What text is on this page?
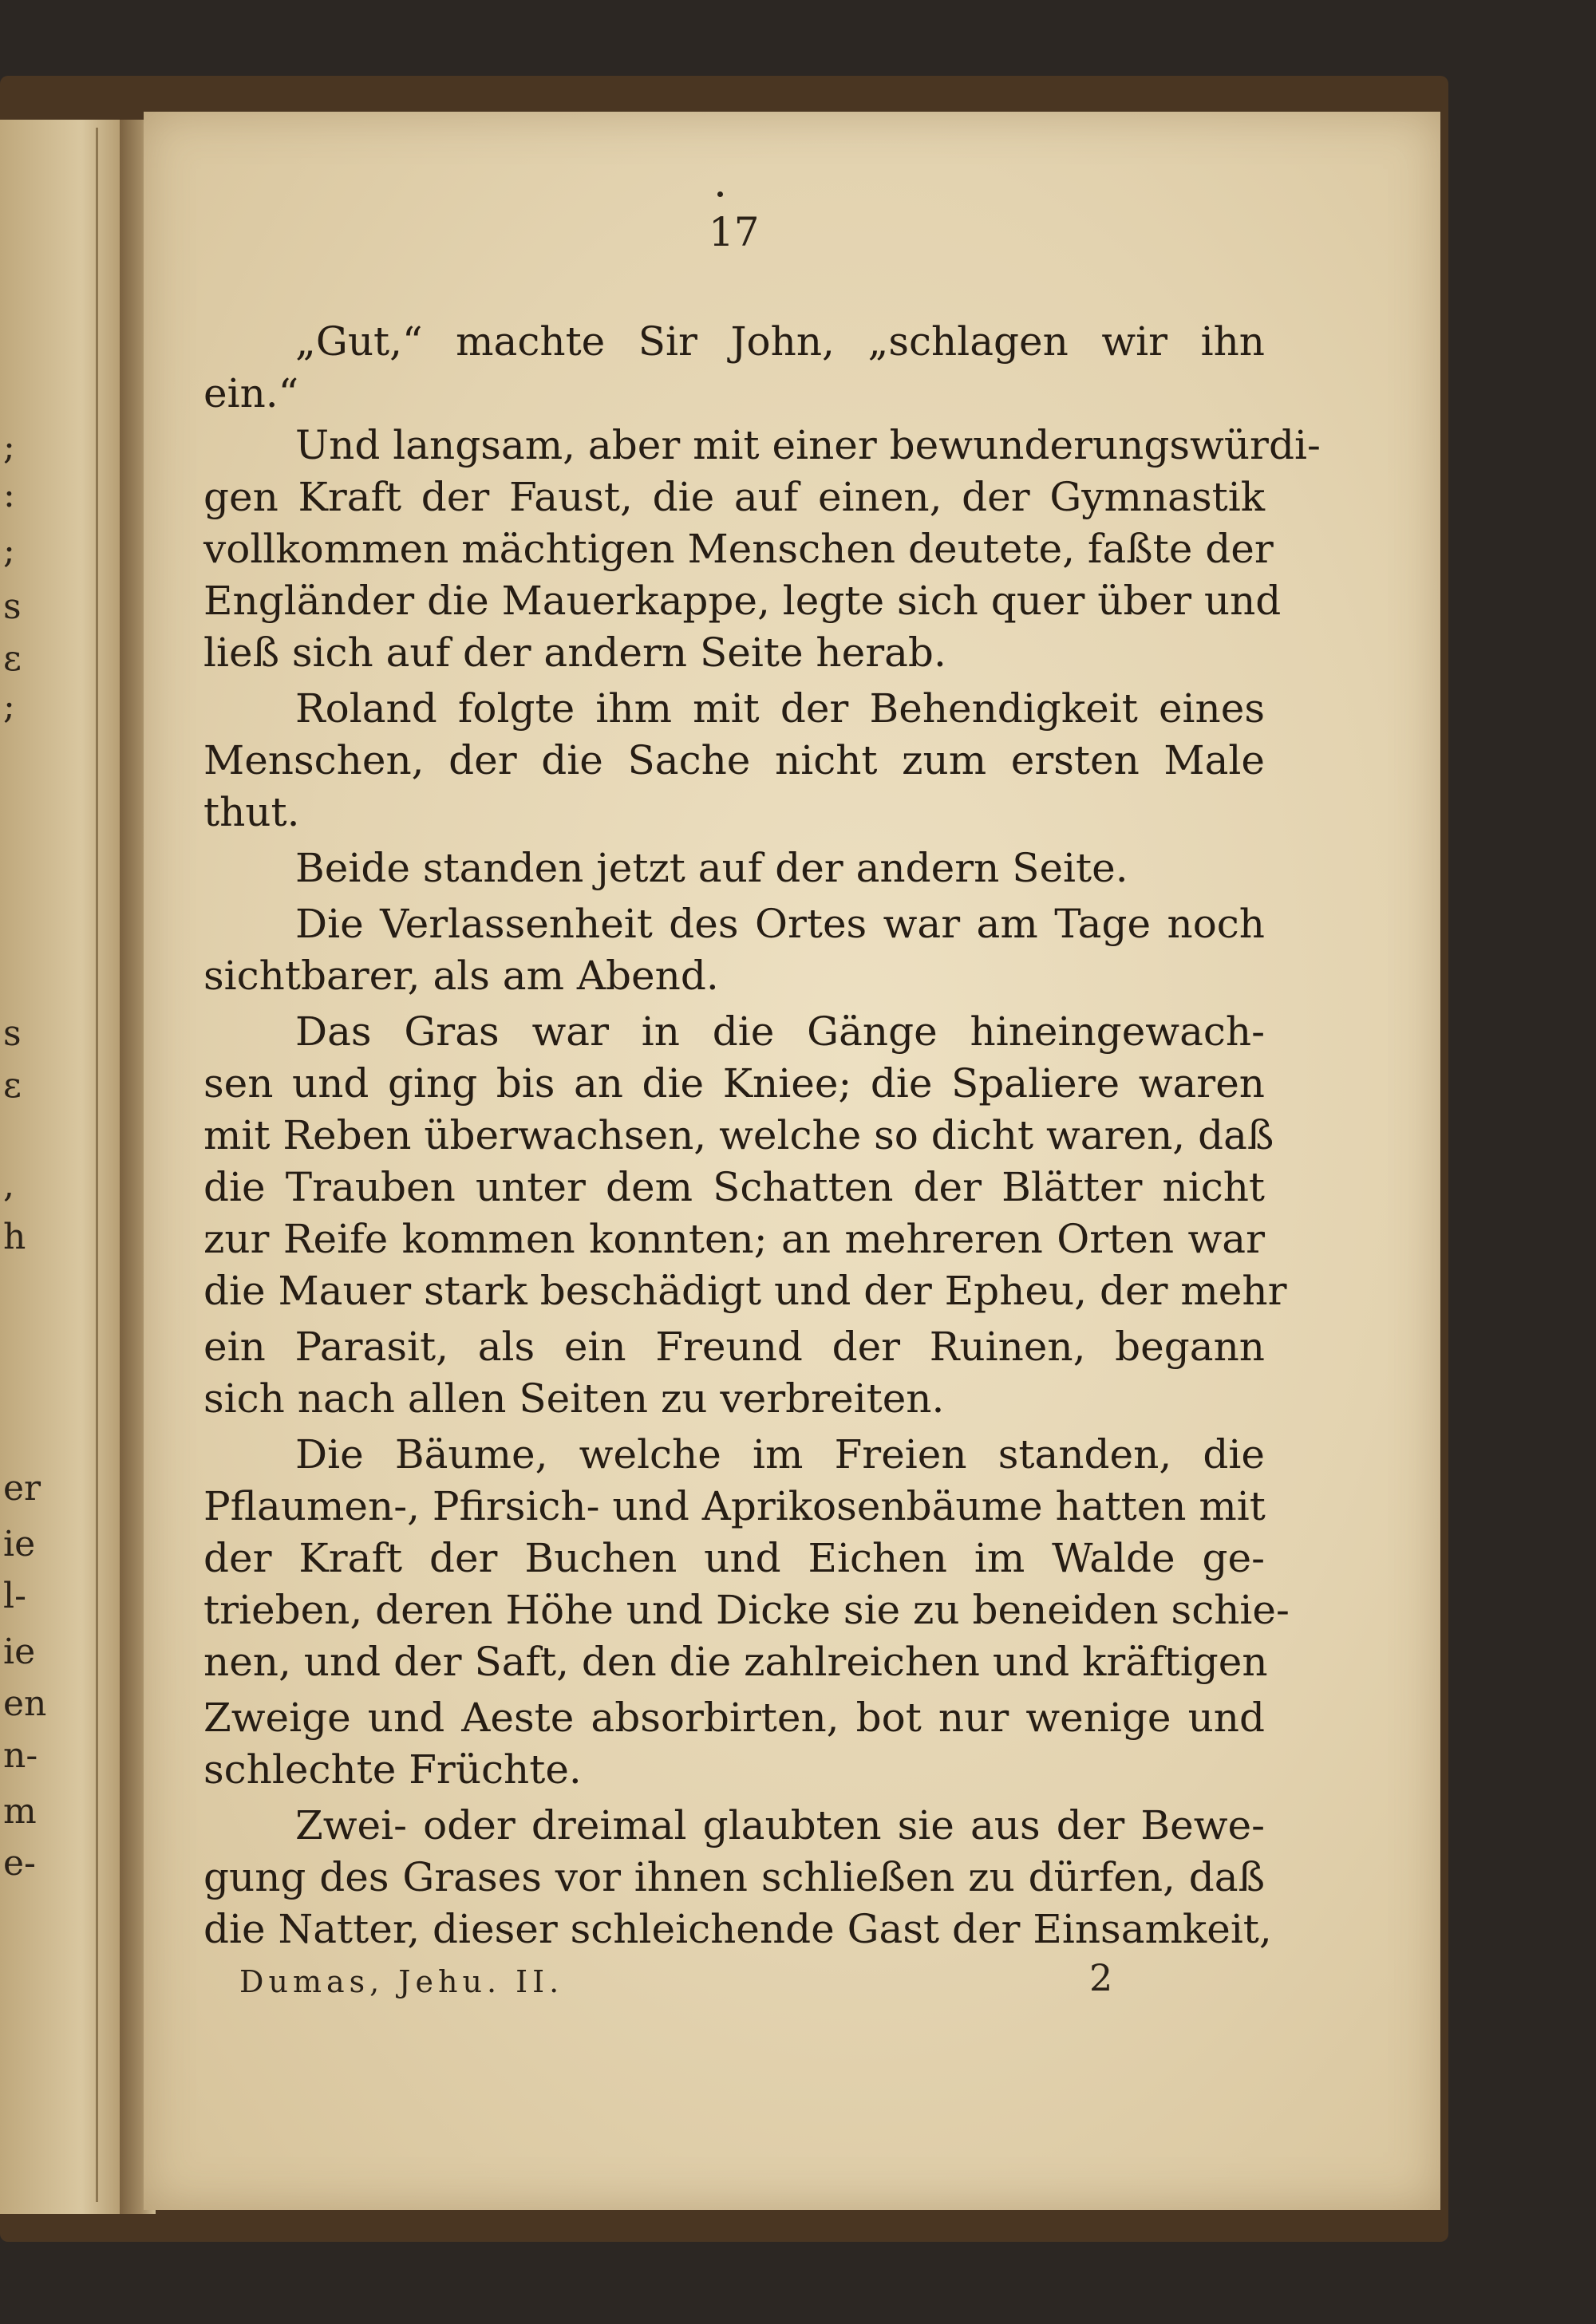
;
:
;
s
ɛ
;
s
ɛ
,
h
er
ie
l-
ie
en
n-
m
e-
17
„Gut,“ machte Sir John, „schlagen wir ihn
ein.“
Und langsam, aber mit einer bewunderungswürdi-
gen Kraft der Faust, die auf einen, der Gymnastik
vollkommen mächtigen Menschen deutete, faßte der
Engländer die Mauerkappe, legte sich quer über und
ließ sich auf der andern Seite herab.
Roland folgte ihm mit der Behendigkeit eines
Menschen, der die Sache nicht zum ersten Male
thut.
Beide standen jetzt auf der andern Seite.
Die Verlassenheit des Ortes war am Tage noch
sichtbarer, als am Abend.
Das Gras war in die Gänge hineingewach-
sen und ging bis an die Kniee; die Spaliere waren
mit Reben überwachsen, welche so dicht waren, daß
die Trauben unter dem Schatten der Blätter nicht
zur Reife kommen konnten; an mehreren Orten war
die Mauer stark beschädigt und der Epheu, der mehr
ein Parasit, als ein Freund der Ruinen, begann
sich nach allen Seiten zu verbreiten.
Die Bäume, welche im Freien standen, die
Pflaumen-, Pfirsich- und Aprikosenbäume hatten mit
der Kraft der Buchen und Eichen im Walde ge-
trieben, deren Höhe und Dicke sie zu beneiden schie-
nen, und der Saft, den die zahlreichen und kräftigen
Zweige und Aeste absorbirten, bot nur wenige und
schlechte Früchte.
Zwei- oder dreimal glaubten sie aus der Bewe-
gung des Grases vor ihnen schließen zu dürfen, daß
die Natter, dieser schleichende Gast der Einsamkeit,
Dumas, Jehu. II.	2
